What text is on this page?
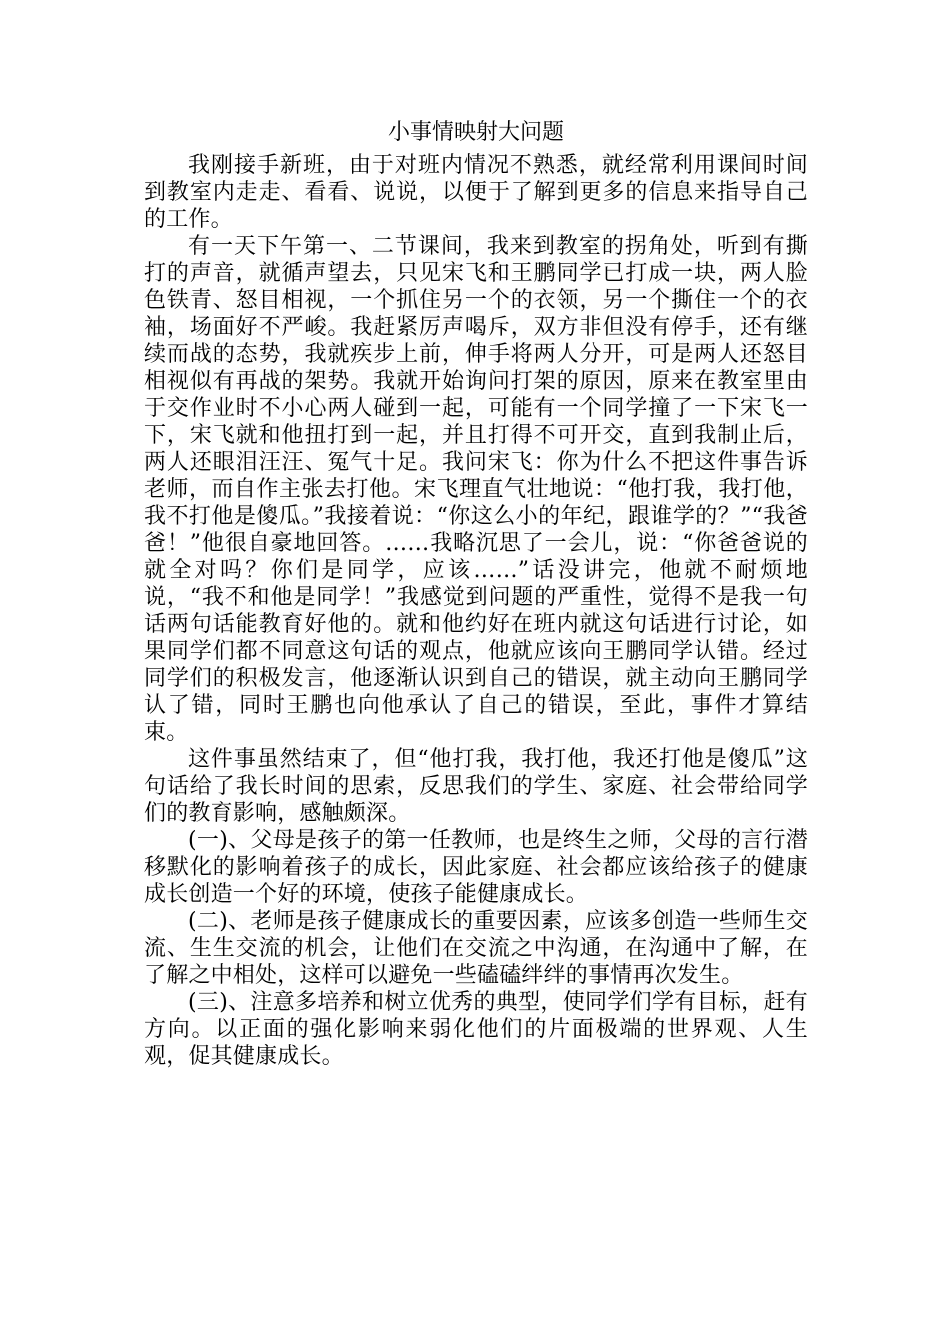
小事情映射大问题

我刚接手新班，由于对班内情况不熟悉，就经常利用课间时间到教室内走走、看看、说说，以便于了解到更多的信息来指导自己的工作。

有一天下午第一、二节课间，我来到教室的拐角处，听到有撕打的声音，就循声望去，只见宋飞和王鹏同学已打成一块，两人脸色铁青、怒目相视，一个抓住另一个的衣领，另一个撕住一个的衣袖，场面好不严峻。我赶紧厉声喝斥，双方非但没有停手，还有继续而战的态势，我就疾步上前，伸手将两人分开，可是两人还怒目相视似有再战的架势。我就开始询问打架的原因，原来在教室里由于交作业时不小心两人碰到一起，可能有一个同学撞了一下宋飞一下，宋飞就和他扭打到一起，并且打得不可开交，直到我制止后，两人还眼泪汪汪、冤气十足。我问宋飞：你为什么不把这件事告诉老师，而自作主张去打他。宋飞理直气壮地说：“他打我，我打他，我不打他是傻瓜。”我接着说：“你这么小的年纪，跟谁学的？”“我爸爸！”他很自豪地回答。……我略沉思了一会儿，说：“你爸爸说的就全对吗？你们是同学，应该……”话没讲完，他就不耐烦地说，“我不和他是同学！”我感觉到问题的严重性，觉得不是我一句话两句话能教育好他的。就和他约好在班内就这句话进行讨论，如果同学们都不同意这句话的观点，他就应该向王鹏同学认错。经过同学们的积极发言，他逐渐认识到自己的错误，就主动向王鹏同学认了错，同时王鹏也向他承认了自己的错误，至此，事件才算结束。

这件事虽然结束了，但“他打我，我打他，我还打他是傻瓜”这句话给了我长时间的思索，反思我们的学生、家庭、社会带给同学们的教育影响，感触颇深。

(一)、父母是孩子的第一任教师，也是终生之师，父母的言行潜移默化的影响着孩子的成长，因此家庭、社会都应该给孩子的健康成长创造一个好的环境，使孩子能健康成长。

(二)、老师是孩子健康成长的重要因素，应该多创造一些师生交流、生生交流的机会，让他们在交流之中沟通，在沟通中了解，在了解之中相处，这样可以避免一些磕磕绊绊的事情再次发生。

(三)、注意多培养和树立优秀的典型，使同学们学有目标，赶有方向。以正面的强化影响来弱化他们的片面极端的世界观、人生观，促其健康成长。
